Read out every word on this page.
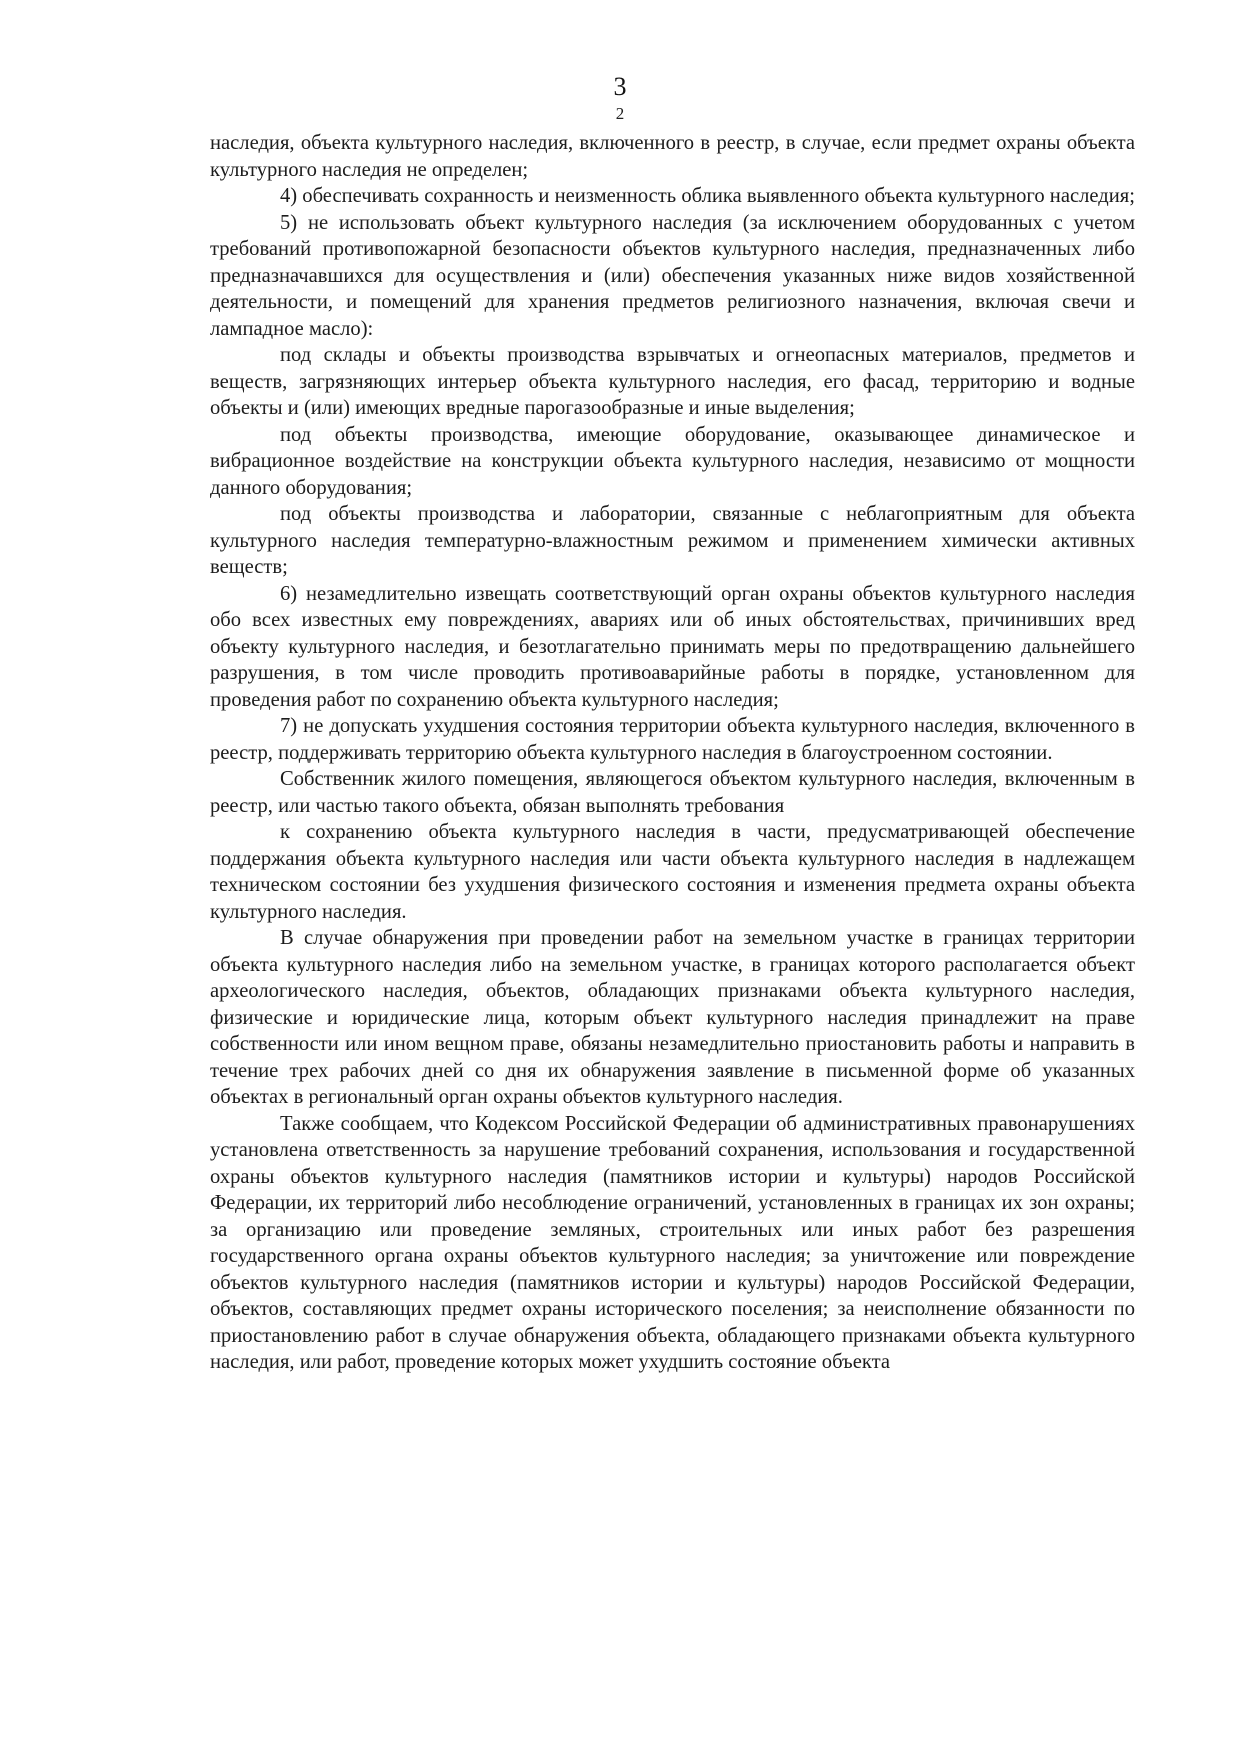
3
2

наследия, объекта культурного наследия, включенного в реестр, в случае, если предмет охраны объекта культурного наследия не определен;

4) обеспечивать сохранность и неизменность облика выявленного объекта культурного наследия;

5) не использовать объект культурного наследия (за исключением оборудованных с учетом требований противопожарной безопасности объектов культурного наследия, предназначенных либо предназначавшихся для осуществления и (или) обеспечения указанных ниже видов хозяйственной деятельности, и помещений для хранения предметов религиозного назначения, включая свечи и лампадное масло):

под склады и объекты производства взрывчатых и огнеопасных материалов, предметов и веществ, загрязняющих интерьер объекта культурного наследия, его фасад, территорию и водные объекты и (или) имеющих вредные парогазообразные и иные выделения;

под объекты производства, имеющие оборудование, оказывающее динамическое и вибрационное воздействие на конструкции объекта культурного наследия, независимо от мощности данного оборудования;

под объекты производства и лаборатории, связанные с неблагоприятным для объекта культурного наследия температурно-влажностным режимом и применением химически активных веществ;

6) незамедлительно извещать соответствующий орган охраны объектов культурного наследия обо всех известных ему повреждениях, авариях или об иных обстоятельствах, причинивших вред объекту культурного наследия, и безотлагательно принимать меры по предотвращению дальнейшего разрушения, в том числе проводить противоаварийные работы в порядке, установленном для проведения работ по сохранению объекта культурного наследия;

7) не допускать ухудшения состояния территории объекта культурного наследия, включенного в реестр, поддерживать территорию объекта культурного наследия в благоустроенном состоянии.

Собственник жилого помещения, являющегося объектом культурного наследия, включенным в реестр, или частью такого объекта, обязан выполнять требования

к сохранению объекта культурного наследия в части, предусматривающей обеспечение поддержания объекта культурного наследия или части объекта культурного наследия в надлежащем техническом состоянии без ухудшения физического состояния и изменения предмета охраны объекта культурного наследия.

В случае обнаружения при проведении работ на земельном участке в границах территории объекта культурного наследия либо на земельном участке, в границах которого располагается объект археологического наследия, объектов, обладающих признаками объекта культурного наследия, физические и юридические лица, которым объект культурного наследия принадлежит на праве собственности или ином вещном праве, обязаны незамедлительно приостановить работы и направить в течение трех рабочих дней со дня их обнаружения заявление в письменной форме об указанных объектах в региональный орган охраны объектов культурного наследия.

Также сообщаем, что Кодексом Российской Федерации об административных правонарушениях установлена ответственность за нарушение требований сохранения, использования и государственной охраны объектов культурного наследия (памятников истории и культуры) народов Российской Федерации, их территорий либо несоблюдение ограничений, установленных в границах их зон охраны; за организацию или проведение земляных, строительных или иных работ без разрешения государственного органа охраны объектов культурного наследия; за уничтожение или повреждение объектов культурного наследия (памятников истории и культуры) народов Российской Федерации, объектов, составляющих предмет охраны исторического поселения; за неисполнение обязанности по приостановлению работ в случае обнаружения объекта, обладающего признаками объекта культурного наследия, или работ, проведение которых может ухудшить состояние объекта
